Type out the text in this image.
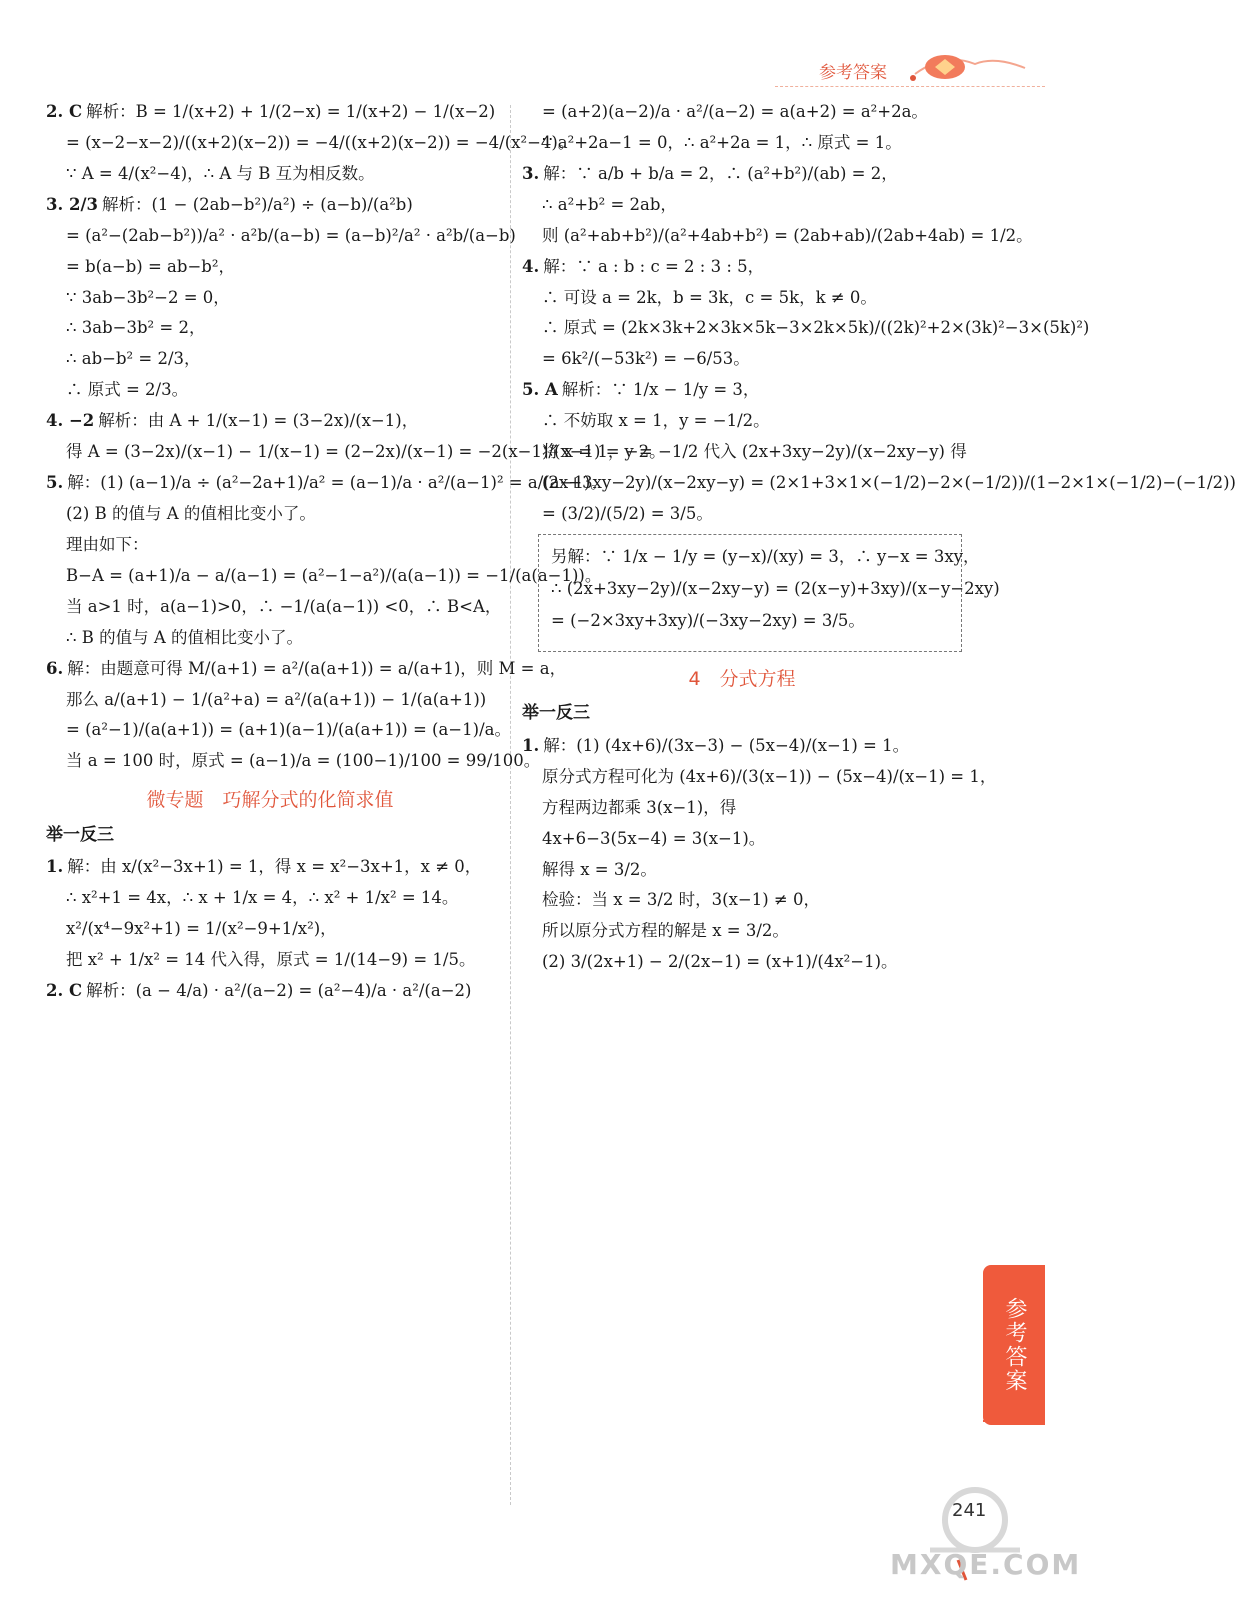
参考答案

2. C 解析：B = 1/(x+2) + 1/(2−x) = 1/(x+2) − 1/(x−2)

= (x−2−x−2)/((x+2)(x−2)) = −4/((x+2)(x−2)) = −4/(x²−4)。

∵ A = 4/(x²−4)，∴ A 与 B 互为相反数。

3. 2/3 解析：(1 − (2ab−b²)/a²) ÷ (a−b)/(a²b)

= (a²−(2ab−b²))/a² · a²b/(a−b) = (a−b)²/a² · a²b/(a−b)

= b(a−b) = ab−b²，

∵ 3ab−3b²−2 = 0，

∴ 3ab−3b² = 2，

∴ ab−b² = 2/3，

∴ 原式 = 2/3。

4. −2 解析：由 A + 1/(x−1) = (3−2x)/(x−1)，

得 A = (3−2x)/(x−1) − 1/(x−1) = (2−2x)/(x−1) = −2(x−1)/(x−1) = −2。

5. 解：(1) (a−1)/a ÷ (a²−2a+1)/a² = (a−1)/a · a²/(a−1)² = a/(a−1)。

(2) B 的值与 A 的值相比变小了。

理由如下：

B−A = (a+1)/a − a/(a−1) = (a²−1−a²)/(a(a−1)) = −1/(a(a−1))。

当 a>1 时，a(a−1)>0，∴ −1/(a(a−1)) <0，∴ B<A，

∴ B 的值与 A 的值相比变小了。

6. 解：由题意可得 M/(a+1) = a²/(a(a+1)) = a/(a+1)，则 M = a，

那么 a/(a+1) − 1/(a²+a) = a²/(a(a+1)) − 1/(a(a+1))

= (a²−1)/(a(a+1)) = (a+1)(a−1)/(a(a+1)) = (a−1)/a。

当 a = 100 时，原式 = (a−1)/a = (100−1)/100 = 99/100。

微专题　巧解分式的化简求值

举一反三

1. 解：由 x/(x²−3x+1) = 1，得 x = x²−3x+1，x ≠ 0，

∴ x²+1 = 4x，∴ x + 1/x = 4，∴ x² + 1/x² = 14。

x²/(x⁴−9x²+1) = 1/(x²−9+1/x²)，

把 x² + 1/x² = 14 代入得，原式 = 1/(14−9) = 1/5。

2. C 解析：(a − 4/a) · a²/(a−2) = (a²−4)/a · a²/(a−2)

= (a+2)(a−2)/a · a²/(a−2) = a(a+2) = a²+2a。

∵ a²+2a−1 = 0，∴ a²+2a = 1，∴ 原式 = 1。

3. 解：∵ a/b + b/a = 2，∴ (a²+b²)/(ab) = 2，

∴ a²+b² = 2ab，

则 (a²+ab+b²)/(a²+4ab+b²) = (2ab+ab)/(2ab+4ab) = 1/2。

4. 解：∵ a : b : c = 2 : 3 : 5，

∴ 可设 a = 2k，b = 3k，c = 5k，k ≠ 0。

∴ 原式 = (2k×3k+2×3k×5k−3×2k×5k)/((2k)²+2×(3k)²−3×(5k)²)

= 6k²/(−53k²) = −6/53。

5. A 解析：∵ 1/x − 1/y = 3，

∴ 不妨取 x = 1，y = −1/2。

将 x = 1，y = −1/2 代入 (2x+3xy−2y)/(x−2xy−y) 得

(2x+3xy−2y)/(x−2xy−y) = (2×1+3×1×(−1/2)−2×(−1/2))/(1−2×1×(−1/2)−(−1/2))

= (3/2)/(5/2) = 3/5。

另解：∵ 1/x − 1/y = (y−x)/(xy) = 3，∴ y−x = 3xy，

∴ (2x+3xy−2y)/(x−2xy−y) = (2(x−y)+3xy)/(x−y−2xy)

= (−2×3xy+3xy)/(−3xy−2xy) = 3/5。

4　分式方程

举一反三

1. 解：(1) (4x+6)/(3x−3) − (5x−4)/(x−1) = 1。

原分式方程可化为 (4x+6)/(3(x−1)) − (5x−4)/(x−1) = 1，

方程两边都乘 3(x−1)，得

4x+6−3(5x−4) = 3(x−1)。

解得 x = 3/2。

检验：当 x = 3/2 时，3(x−1) ≠ 0，

所以原分式方程的解是 x = 3/2。

(2) 3/(2x+1) − 2/(2x−1) = (x+1)/(4x²−1)。

参考答案
241
MXQE.COM
